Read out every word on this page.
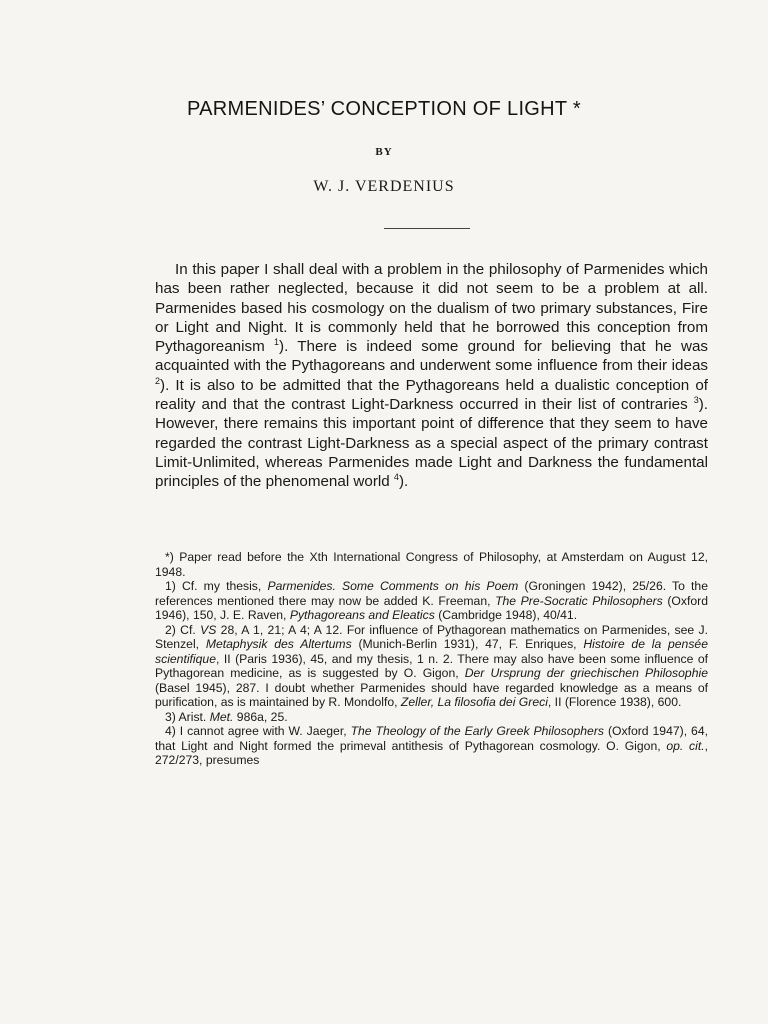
PARMENIDES’ CONCEPTION OF LIGHT *
BY
W. J. VERDENIUS

In this paper I shall deal with a problem in the philosophy of Parmenides which has been rather neglected, because it did not seem to be a problem at all. Parmenides based his cosmology on the dualism of two primary substances, Fire or Light and Night. It is commonly held that he borrowed this conception from Pythagoreanism $^1$). There is indeed some ground for believing that he was acquainted with the Pythagoreans and underwent some influence from their ideas $^2$). It is also to be admitted that the Pythagoreans held a dualistic conception of reality and that the contrast Light-Darkness occurred in their list of contraries $^3$). However, there remains this important point of difference that they seem to have regarded the contrast Light-Darkness as a special aspect of the primary contrast Limit-Unlimited, whereas Parmenides made Light and Darkness the fundamental principles of the phenomenal world $^4$).

*) Paper read before the Xth International Congress of Philosophy, at Amsterdam on August 12, 1948.

1) Cf. my thesis, Parmenides. Some Comments on his Poem (Groningen 1942), 25/26. To the references mentioned there may now be added K. Freeman, The Pre-Socratic Philosophers (Oxford 1946), 150, J. E. Raven, Pythagoreans and Eleatics (Cambridge 1948), 40/41.

2) Cf. VS 28, A 1, 21; A 4; A 12. For influence of Pythagorean mathematics on Parmenides, see J. Stenzel, Metaphysik des Altertums (Munich-Berlin 1931), 47, F. Enriques, Histoire de la pensée scientifique, II (Paris 1936), 45, and my thesis, 1 n. 2. There may also have been some influence of Pythagorean medicine, as is suggested by O. Gigon, Der Ursprung der griechischen Philosophie (Basel 1945), 287. I doubt whether Parmenides should have regarded knowledge as a means of purification, as is maintained by R. Mondolfo, Zeller, La filosofia dei Greci, II (Florence 1938), 600.

3) Arist. Met. 986a, 25.

4) I cannot agree with W. Jaeger, The Theology of the Early Greek Philosophers (Oxford 1947), 64, that Light and Night formed the primeval antithesis of Pythagorean cosmology. O. Gigon, op. cit., 272/273, presumes
